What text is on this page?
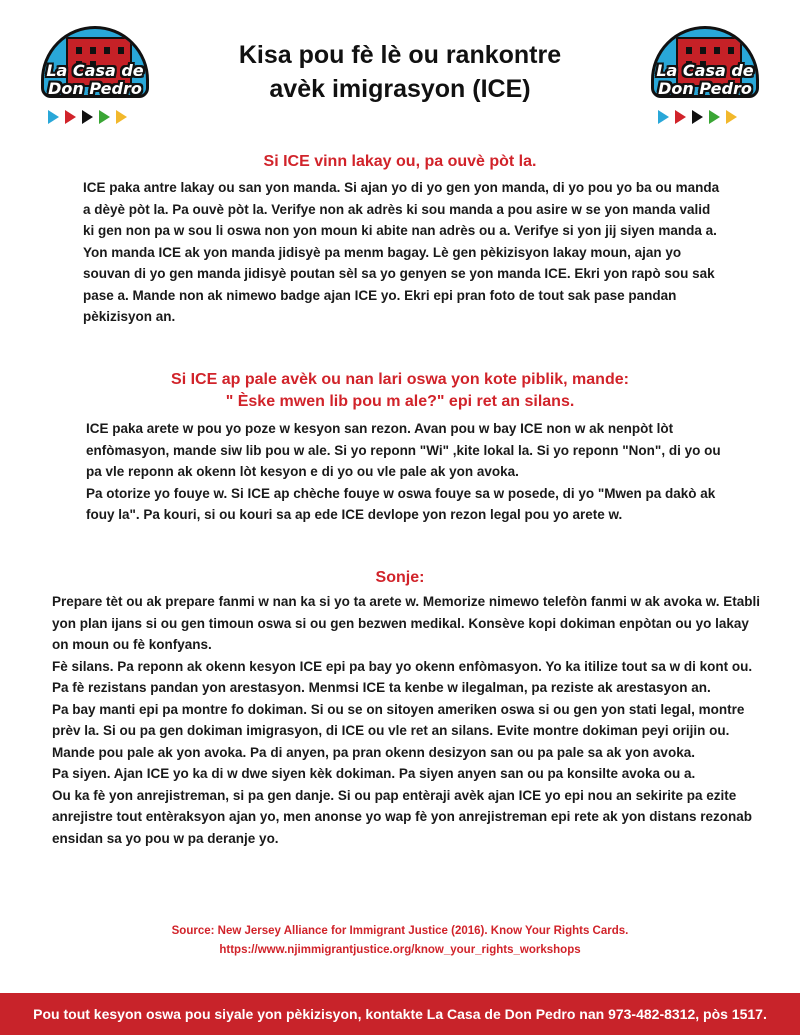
La Casa de
Don Pedro
Kisa pou fè lè ou rankontre
avèk imigrasyon (ICE)
La Casa de
Don Pedro
Si ICE vinn lakay ou, pa ouvè pòt la.

ICE paka antre lakay ou san yon manda. Si ajan yo di yo gen yon manda, di yo pou yo ba ou manda a dèyè pòt la. Pa ouvè pòt la. Verifye non ak adrès ki sou manda a pou asire w se yon manda valid ki gen non pa w sou li oswa non yon moun ki abite nan adrès ou a. Verifye si yon jij siyen manda a. Yon manda ICE ak yon manda jidisyè pa menm bagay. Lè gen pèkizisyon lakay moun, ajan yo souvan di yo gen manda jidisyè poutan sèl sa yo genyen se yon manda ICE. Ekri yon rapò sou sak pase a. Mande non ak nimewo badge ajan ICE yo. Ekri epi pran foto de tout sak pase pandan pèkizisyon an.

Si ICE ap pale avèk ou nan lari oswa yon kote piblik, mande:
" Èske mwen lib pou m ale?" epi ret an silans.

ICE paka arete w pou yo poze w kesyon san rezon. Avan pou w bay ICE non w ak nenpòt lòt enfòmasyon, mande siw lib pou w ale. Si yo reponn "Wi" ,kite lokal la. Si yo reponn "Non", di yo ou pa vle reponn ak okenn lòt kesyon e di yo ou vle pale ak yon avoka.

Pa otorize yo fouye w. Si ICE ap chèche fouye w oswa fouye sa w posede, di yo "Mwen pa dakò ak fouy la". Pa kouri, si ou kouri sa ap ede ICE devlope yon rezon legal pou yo arete w.

Sonje:

Prepare tèt ou ak prepare fanmi w nan ka si yo ta arete w. Memorize nimewo telefòn fanmi w ak avoka w. Etabli yon plan ijans si ou gen timoun oswa si ou gen bezwen medikal. Konsève kopi dokiman enpòtan ou yo lakay on moun ou fè konfyans.

Fè silans. Pa reponn ak okenn kesyon ICE epi pa bay yo okenn enfòmasyon. Yo ka itilize tout sa w di kont ou.

Pa fè rezistans pandan yon arestasyon. Menmsi ICE ta kenbe w ilegalman, pa reziste ak arestasyon an.

Pa bay manti epi pa montre fo dokiman. Si ou se on sitoyen ameriken oswa si ou gen yon stati legal, montre prèv la. Si ou pa gen dokiman imigrasyon, di ICE ou vle ret an silans. Evite montre dokiman peyi orijin ou.

Mande pou pale ak yon avoka. Pa di anyen, pa pran okenn desizyon san ou pa pale sa ak yon avoka.

Pa siyen. Ajan ICE yo ka di w dwe siyen kèk dokiman. Pa siyen anyen san ou pa konsilte avoka ou a.

Ou ka fè yon anrejistreman, si pa gen danje. Si ou pap entèraji avèk ajan ICE yo epi nou an sekirite pa ezite anrejistre tout entèraksyon ajan yo, men anonse yo wap fè yon anrejistreman epi rete ak yon distans rezonab ensidan sa yo pou w pa deranje yo.

Source: New Jersey Alliance for Immigrant Justice (2016). Know Your Rights Cards.
https://www.njimmigrantjustice.org/know_your_rights_workshops
Pou tout kesyon oswa pou siyale yon pèkizisyon, kontakte La Casa de Don Pedro nan 973-482-8312, pòs 1517.
